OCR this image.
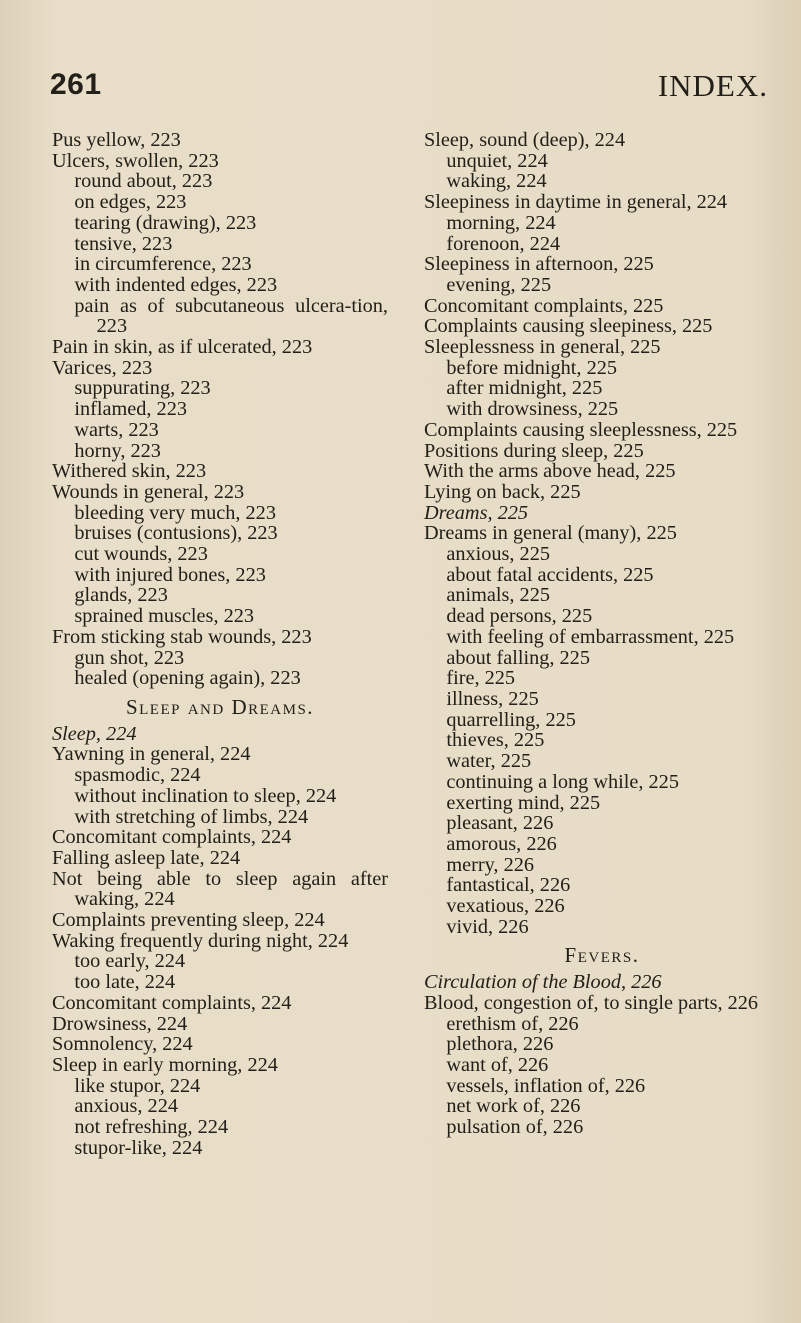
261	INDEX.

Pus yellow, 223

Ulcers, swollen, 223

round about, 223

on edges, 223

tearing (drawing), 223

tensive, 223

in circumference, 223

with indented edges, 223

pain as of subcutaneous ulcera-tion, 223

Pain in skin, as if ulcerated, 223

Varices, 223

suppurating, 223

inflamed, 223

warts, 223

horny, 223

Withered skin, 223

Wounds in general, 223

bleeding very much, 223

bruises (contusions), 223

cut wounds, 223

with injured bones, 223

glands, 223

sprained muscles, 223

From sticking stab wounds, 223

gun shot, 223

healed (opening again), 223

Sleep and Dreams.

Sleep, 224

Yawning in general, 224

spasmodic, 224

without inclination to sleep, 224

with stretching of limbs, 224

Concomitant complaints, 224

Falling asleep late, 224

Not being able to sleep again after waking, 224

Complaints preventing sleep, 224

Waking frequently during night, 224

too early, 224

too late, 224

Concomitant complaints, 224

Drowsiness, 224

Somnolency, 224

Sleep in early morning, 224

like stupor, 224

anxious, 224

not refreshing, 224

stupor-like, 224

Sleep, sound (deep), 224

unquiet, 224

waking, 224

Sleepiness in daytime in general, 224

morning, 224

forenoon, 224

Sleepiness in afternoon, 225

evening, 225

Concomitant complaints, 225

Complaints causing sleepiness, 225

Sleeplessness in general, 225

before midnight, 225

after midnight, 225

with drowsiness, 225

Complaints causing sleeplessness, 225

Positions during sleep, 225

With the arms above head, 225

Lying on back, 225

Dreams, 225

Dreams in general (many), 225

anxious, 225

about fatal accidents, 225

animals, 225

dead persons, 225

with feeling of embarrassment, 225

about falling, 225

fire, 225

illness, 225

quarrelling, 225

thieves, 225

water, 225

continuing a long while, 225

exerting mind, 225

pleasant, 226

amorous, 226

merry, 226

fantastical, 226

vexatious, 226

vivid, 226

Fevers.

Circulation of the Blood, 226

Blood, congestion of, to single parts, 226

erethism of, 226

plethora, 226

want of, 226

vessels, inflation of, 226

net work of, 226

pulsation of, 226
